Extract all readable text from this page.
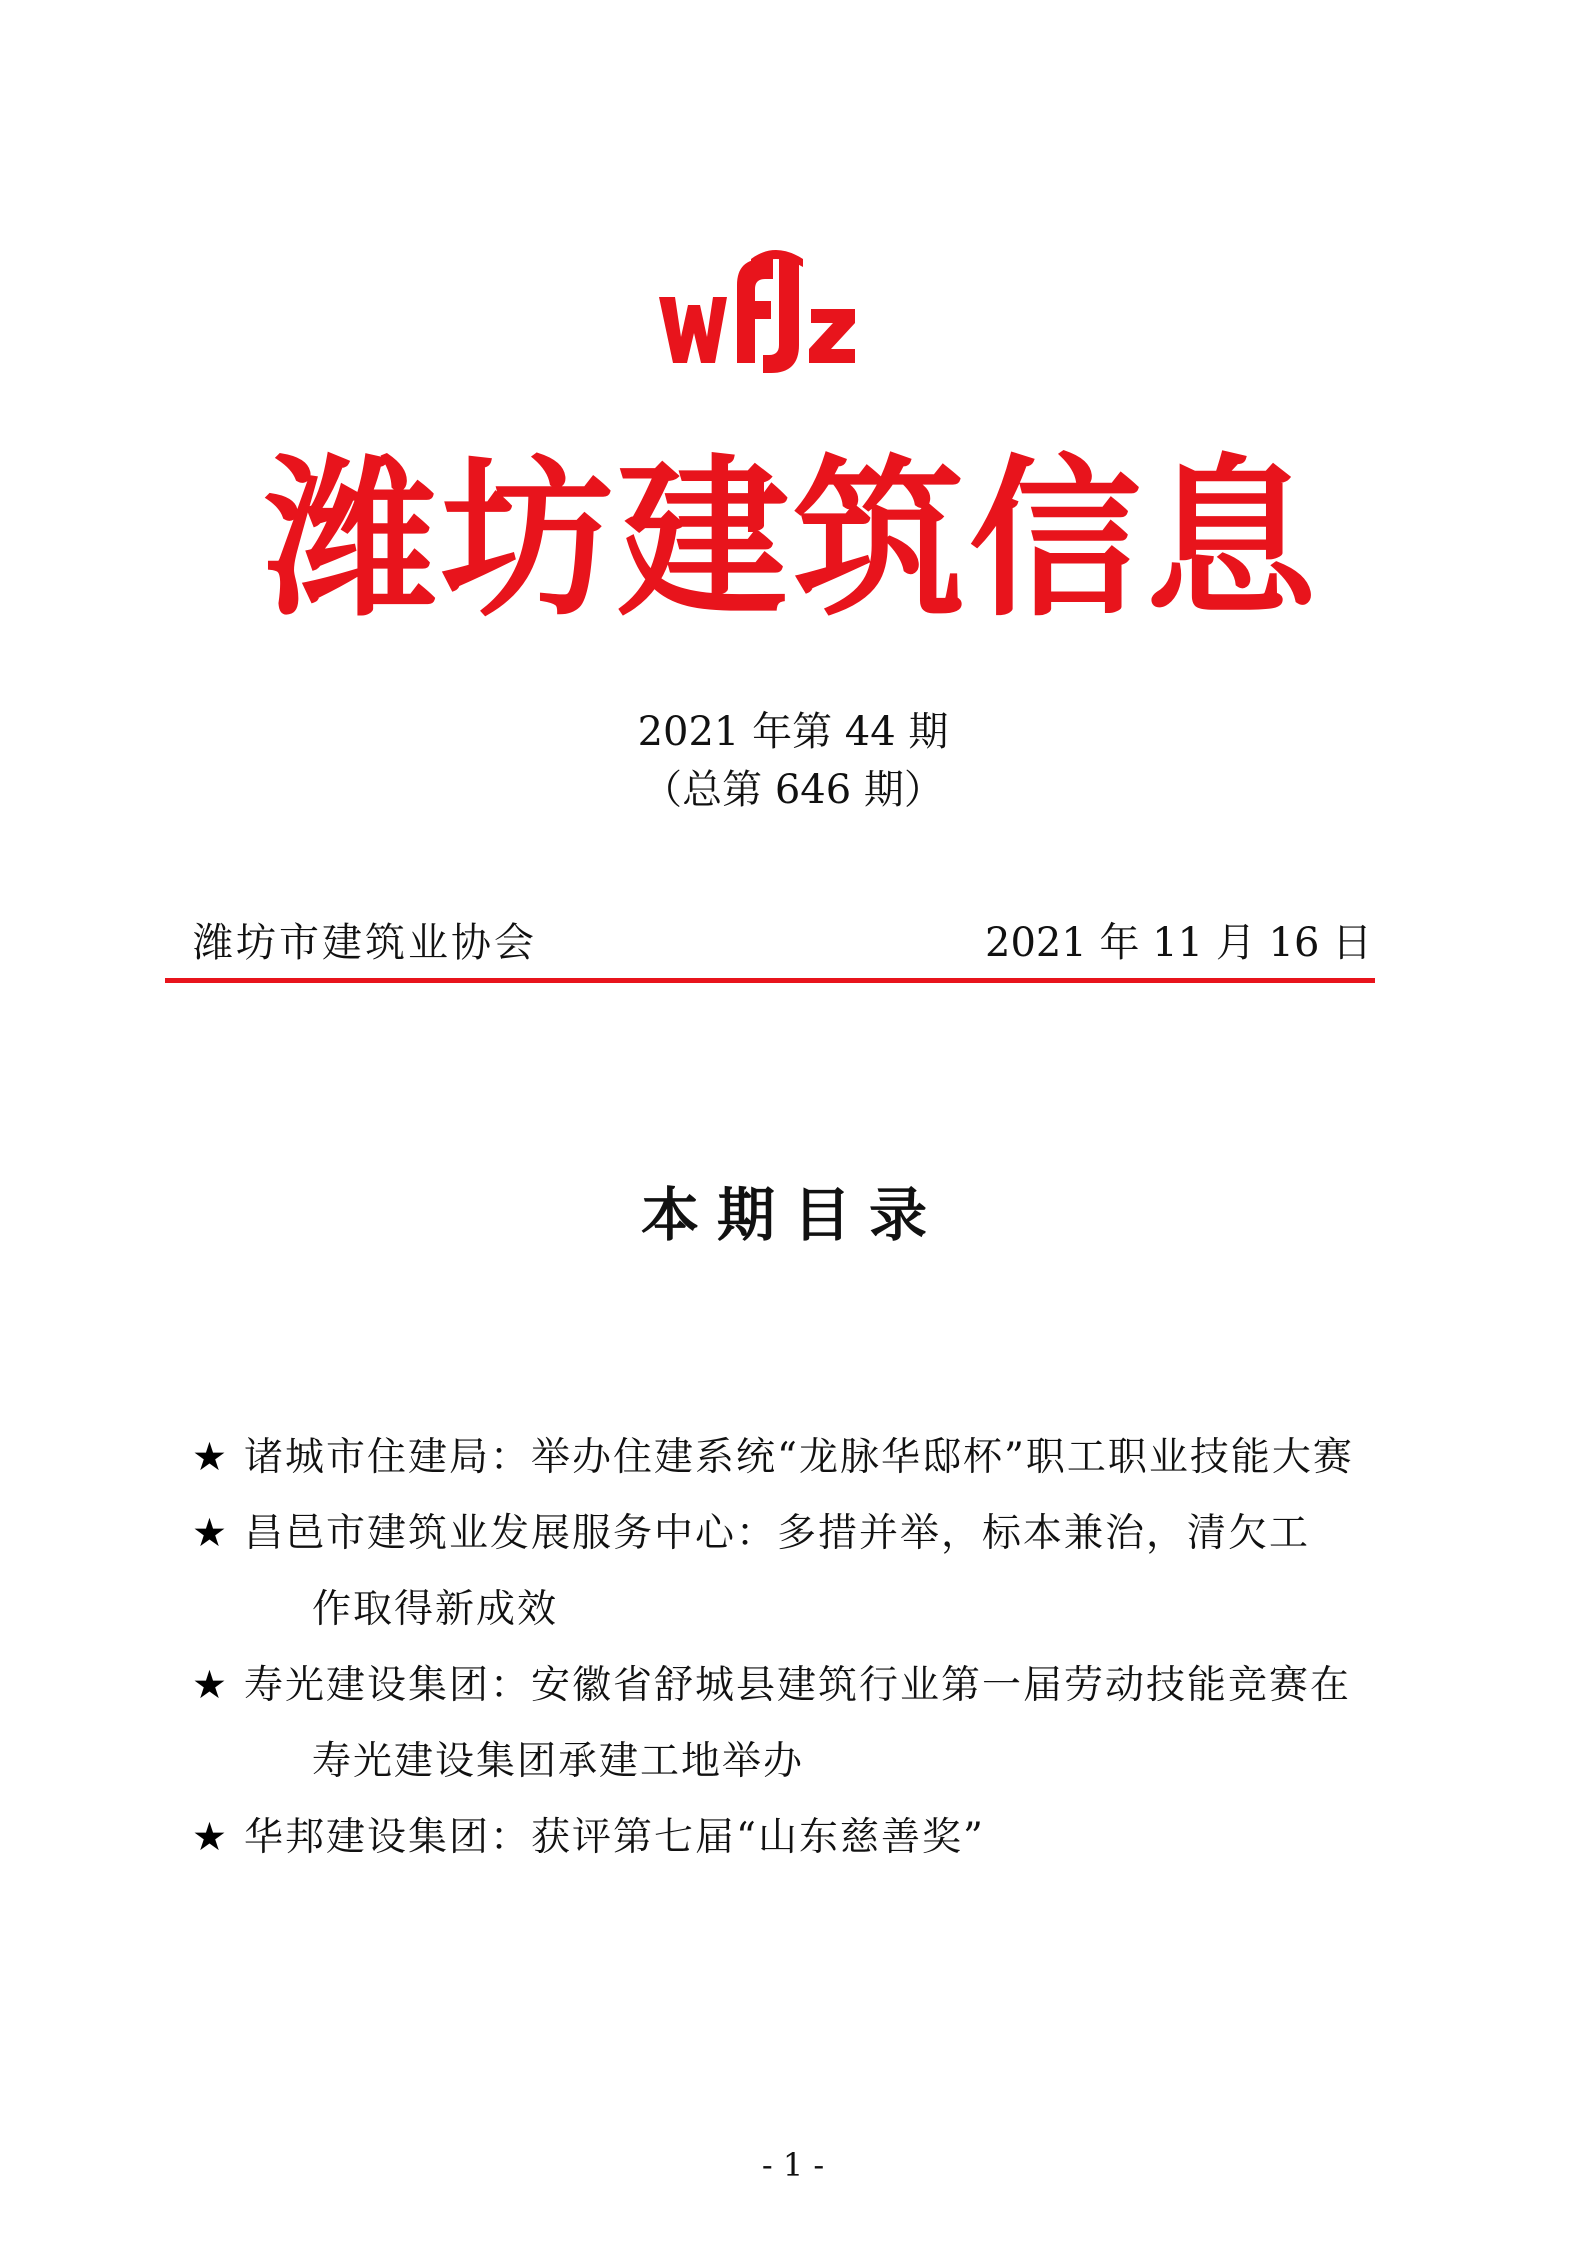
潍坊建筑信息
2021 年第 44 期
（总第 646 期）
潍坊市建筑业协会	2021 年 11 月 16 日
本期目录
★ 诸城市住建局：举办住建系统“龙脉华邸杯”职工职业技能大赛
★ 昌邑市建筑业发展服务中心：多措并举，标本兼治，清欠工
作取得新成效
★ 寿光建设集团：安徽省舒城县建筑行业第一届劳动技能竞赛在
寿光建设集团承建工地举办
★ 华邦建设集团：获评第七届“山东慈善奖”
- 1 -
